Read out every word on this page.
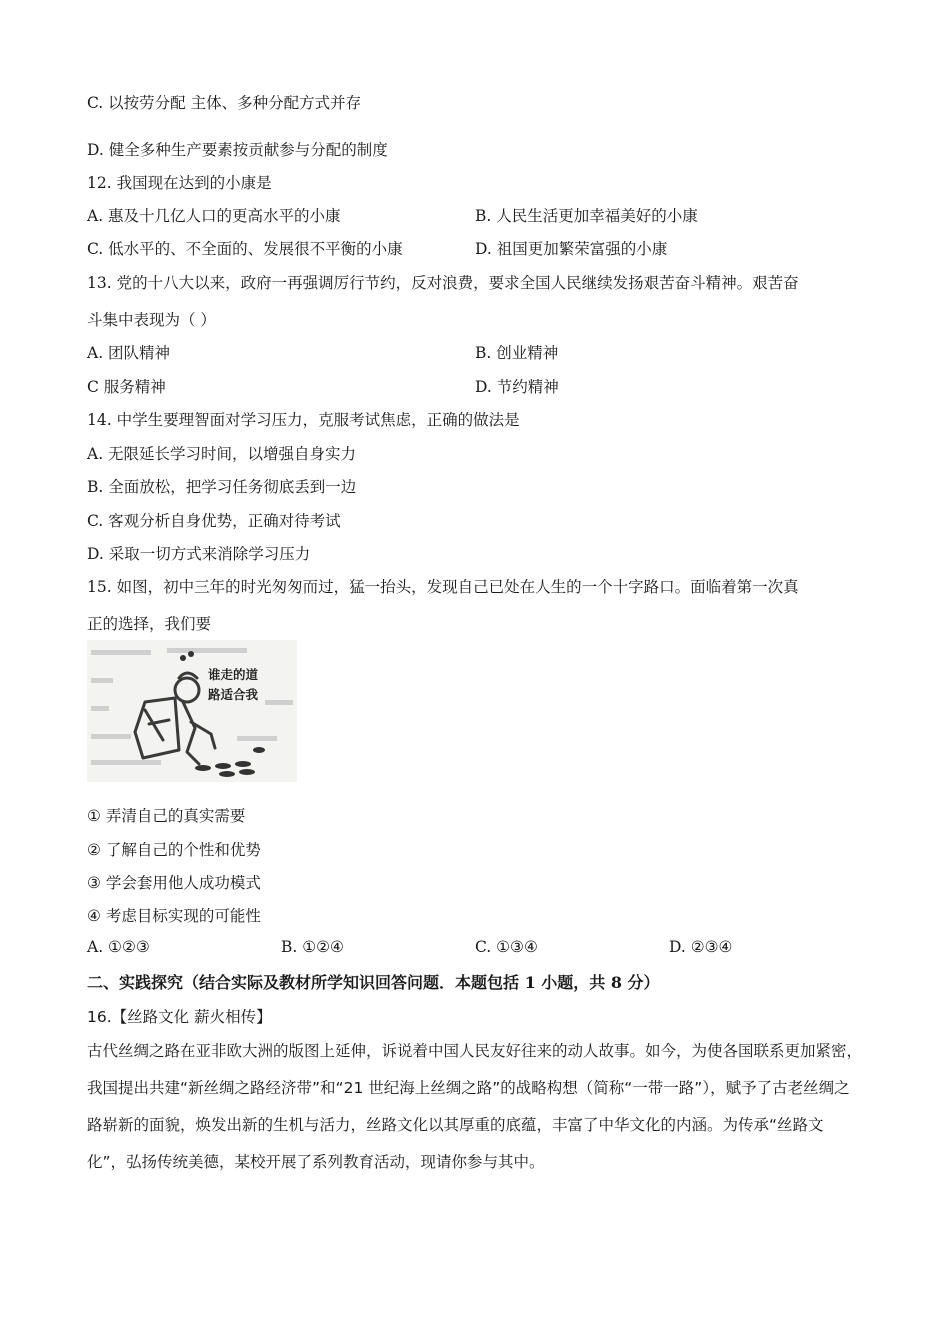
C. 以按劳分配 主体、多种分配方式并存
D. 健全多种生产要素按贡献参与分配的制度
12. 我国现在达到的小康是
A. 惠及十几亿人口的更高水平的小康	B. 人民生活更加幸福美好的小康
C. 低水平的、不全面的、发展很不平衡的小康	D. 祖国更加繁荣富强的小康
13. 党的十八大以来，政府一再强调厉行节约，反对浪费，要求全国人民继续发扬艰苦奋斗精神。艰苦奋
斗集中表现为（ ）
A. 团队精神	B. 创业精神
C 服务精神	D. 节约精神
14. 中学生要理智面对学习压力，克服考试焦虑，正确的做法是
A. 无限延长学习时间，以增强自身实力
B. 全面放松，把学习任务彻底丢到一边
C. 客观分析自身优势，正确对待考试
D. 采取一切方式来消除学习压力
15. 如图，初中三年的时光匆匆而过，猛一抬头，发现自己已处在人生的一个十字路口。面临着第一次真
正的选择，我们要
谁走的道
路适合我
① 弄清自己的真实需要
② 了解自己的个性和优势
③ 学会套用他人成功模式
④ 考虑目标实现的可能性
A. ①②③	B. ①②④	C. ①③④	D. ②③④
二、实践探究（结合实际及教材所学知识回答问题．本题包括 1 小题，共 8 分）
16.【丝路文化 薪火相传】
古代丝绸之路在亚非欧大洲的版图上延伸，诉说着中国人民友好往来的动人故事。如今，为使各国联系更加紧密，我国提出共建“新丝绸之路经济带”和“21 世纪海上丝绸之路”的战略构想（简称“一带一路”），赋予了古老丝绸之路崭新的面貌，焕发出新的生机与活力，丝路文化以其厚重的底蕴，丰富了中华文化的内涵。为传承“丝路文化”，弘扬传统美德，某校开展了系列教育活动，现请你参与其中。
